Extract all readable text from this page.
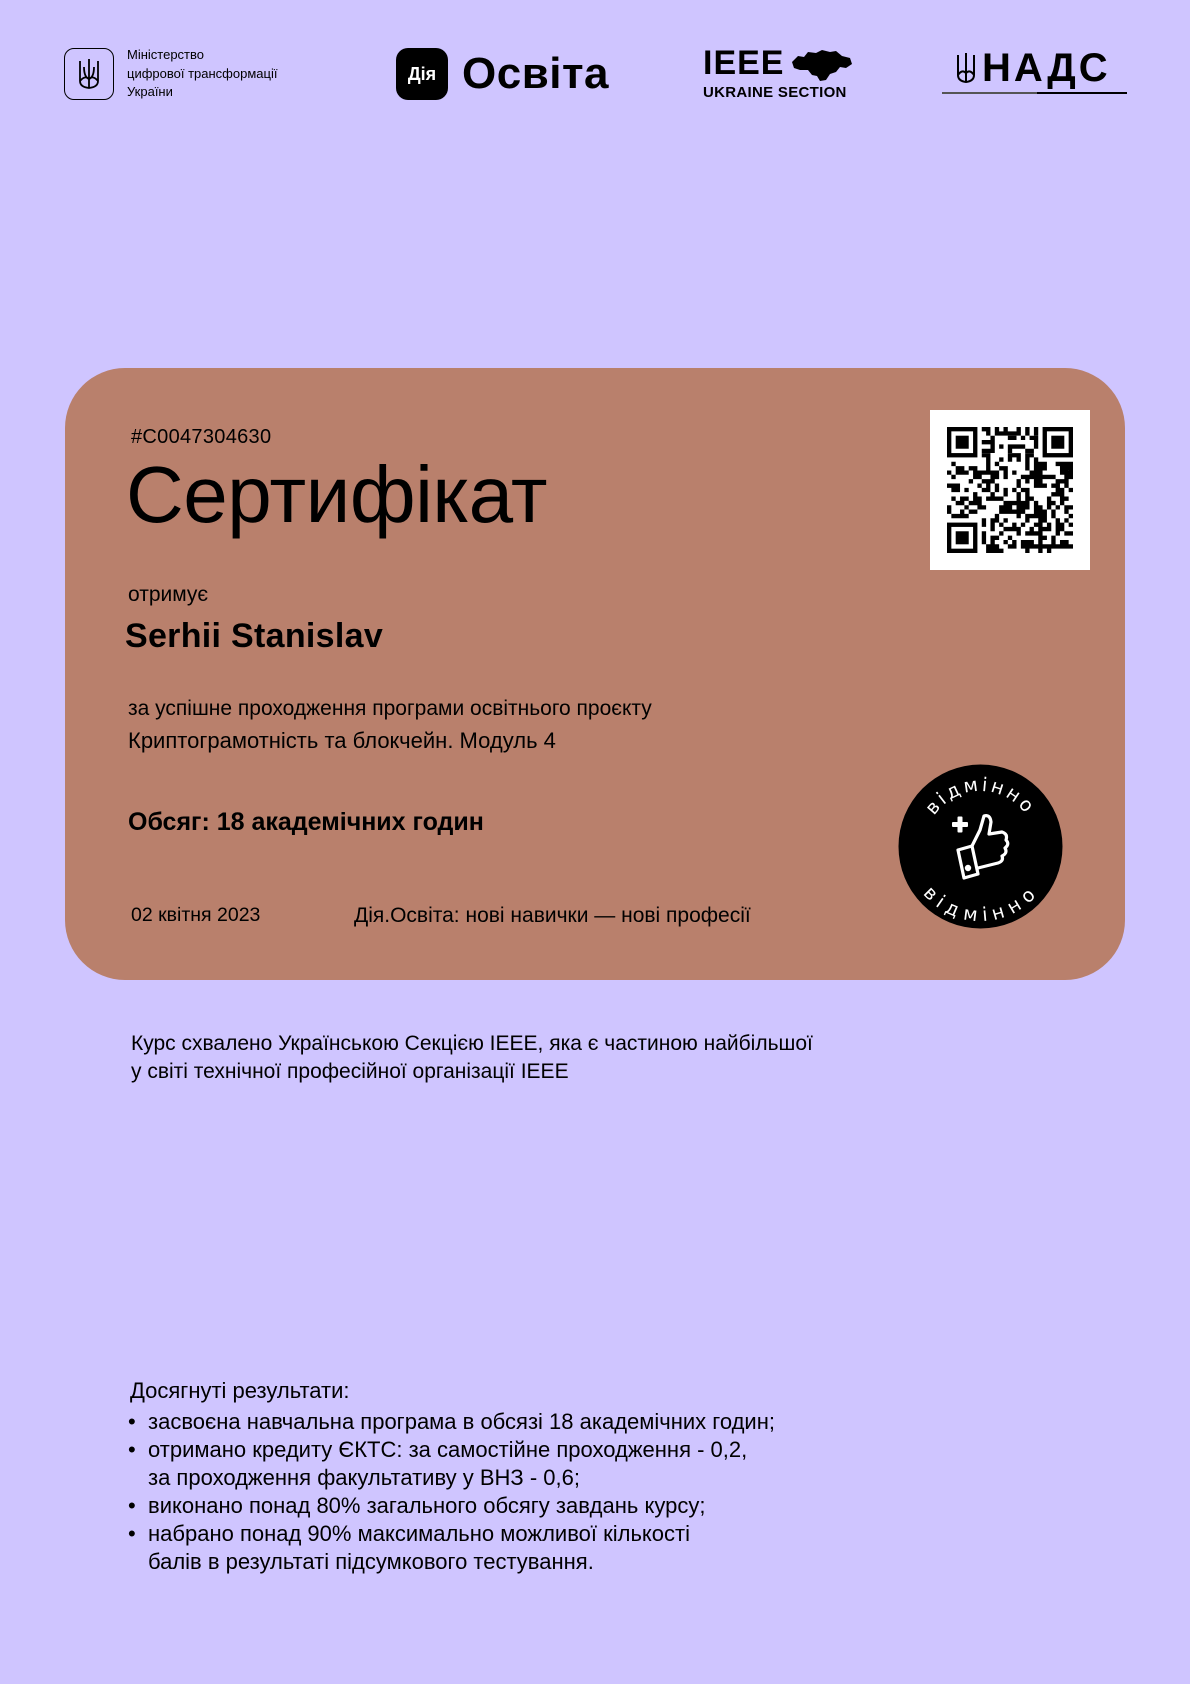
Міністерство
цифрової трансформації
України
Дія Освіта	IEEE
UKRAINE SECTION
НАДС
#C0047304630
Сертифікат
отримує
Serhii Stanislav
за успішне проходження програми освітнього проєкту
Криптограмотність та блокчейн. Модуль 4
Обсяг: 18 академічних годин
02 квітня 2023	Дія.Освіта: нові навички — нові професії
відмінно
відмінно
Курс схвалено Українською Секцією IEEE, яка є частиною найбільшої
у світі технічної професійної організації IEEE
Досягнуті результати:
• засвоєна навчальна програма в обсязі 18 академічних годин;
• отримано кредиту ЄКТС: за самостійне проходження - 0,2,
за проходження факультативу у ВНЗ - 0,6;
• виконано понад 80% загального обсягу завдань курсу;
• набрано понад 90% максимально можливої кількості
балів в результаті підсумкового тестування.
